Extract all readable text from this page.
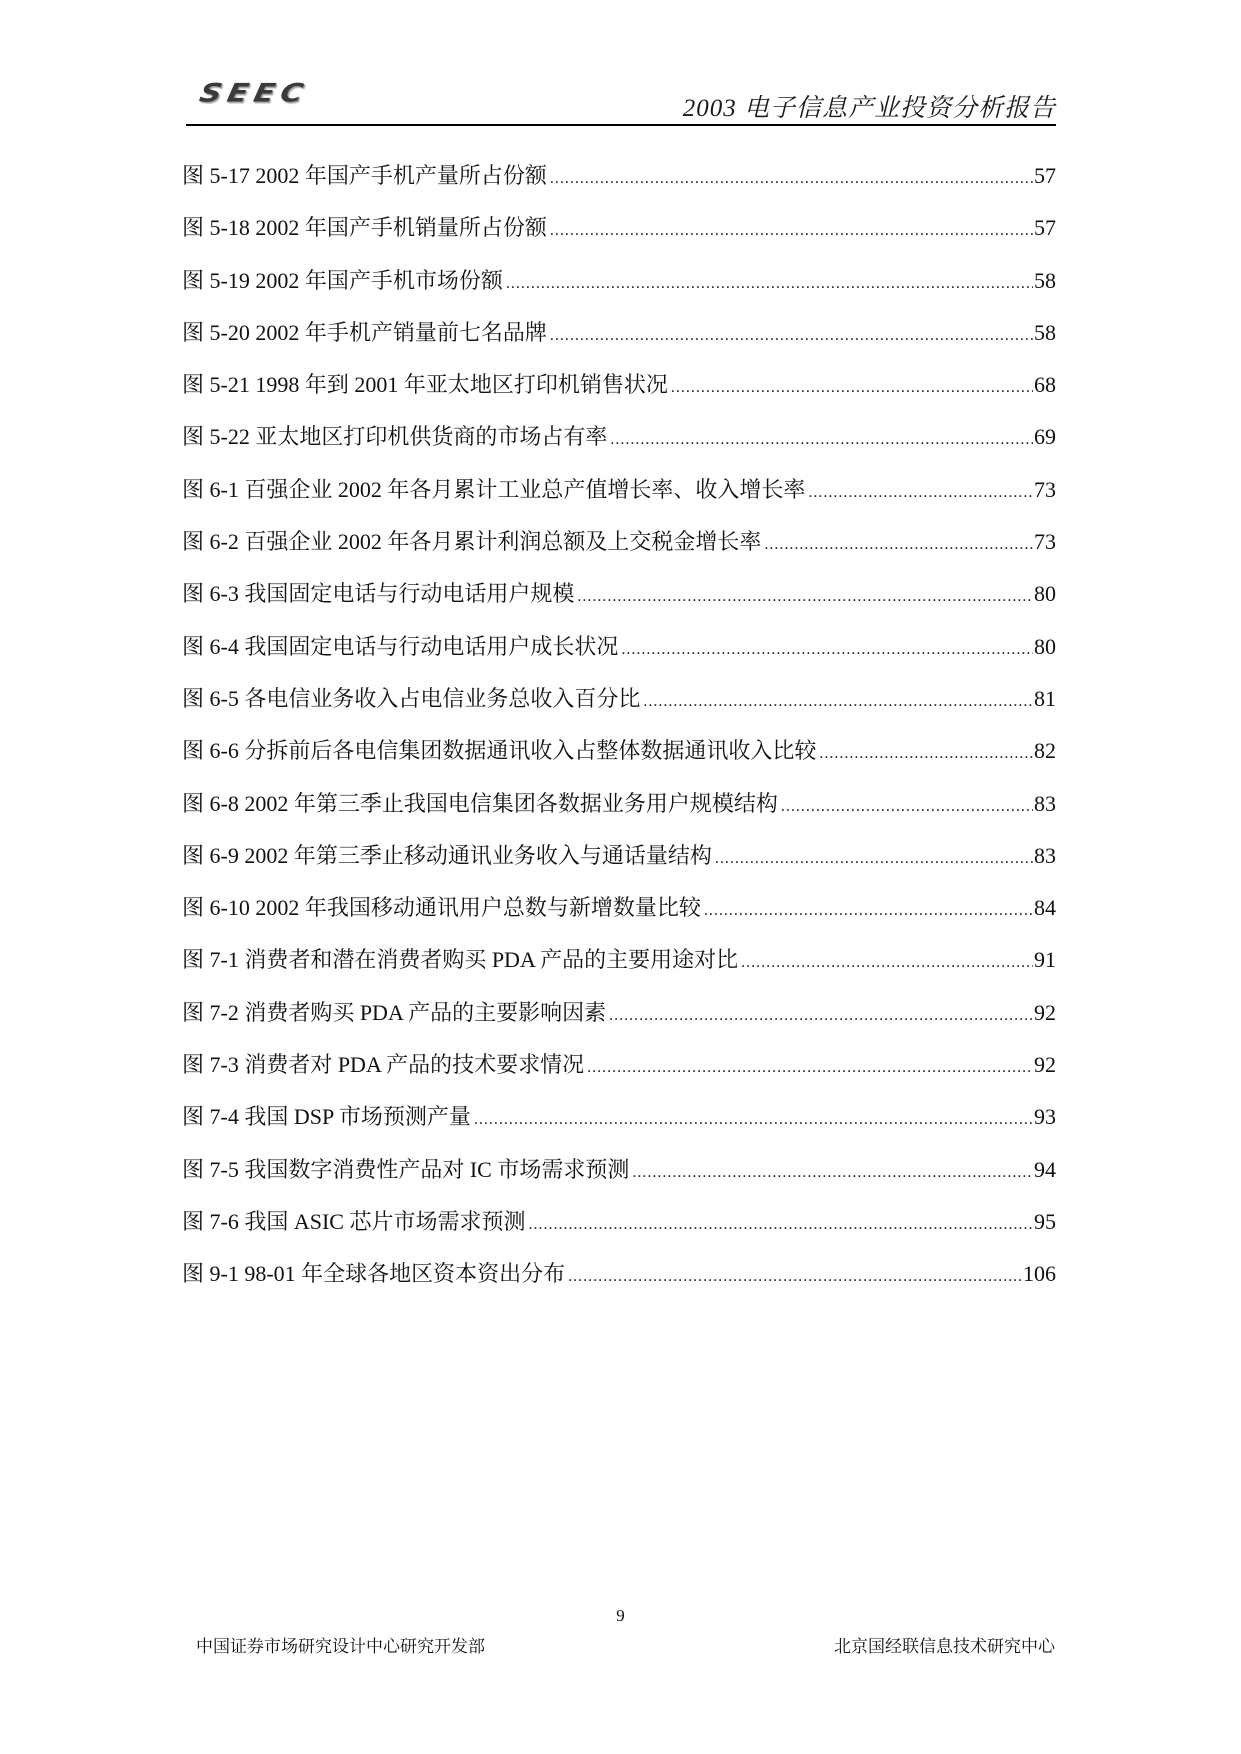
SEEC
2003 电子信息产业投资分析报告
图 5-17 2002 年国产手机产量所占份额 .....	57
图 5-18 2002 年国产手机销量所占份额 .....	57
图 5-19 2002 年国产手机市场份额 .....	58
图 5-20 2002 年手机产销量前七名品牌 .....	58
图 5-21 1998 年到 2001 年亚太地区打印机销售状况 .....	68
图 5-22 亚太地区打印机供货商的市场占有率 .....	69
图 6-1 百强企业 2002 年各月累计工业总产值增长率、收入增长率 .....	73
图 6-2 百强企业 2002 年各月累计利润总额及上交税金增长率 .....	73
图 6-3 我国固定电话与行动电话用户规模 .....	80
图 6-4 我国固定电话与行动电话用户成长状况 .....	80
图 6-5 各电信业务收入占电信业务总收入百分比 .....	81
图 6-6 分拆前后各电信集团数据通讯收入占整体数据通讯收入比较 .....	82
图 6-8 2002 年第三季止我国电信集团各数据业务用户规模结构 .....	83
图 6-9 2002 年第三季止移动通讯业务收入与通话量结构 .....	83
图 6-10 2002 年我国移动通讯用户总数与新增数量比较 .....	84
图 7-1 消费者和潜在消费者购买 PDA 产品的主要用途对比 .....	91
图 7-2 消费者购买 PDA 产品的主要影响因素 .....	92
图 7-3 消费者对 PDA 产品的技术要求情况 .....	92
图 7-4 我国 DSP 市场预测产量 .....	93
图 7-5 我国数字消费性产品对 IC 市场需求预测 .....	94
图 7-6 我国 ASIC 芯片市场需求预测 .....	95
图 9-1 98-01 年全球各地区资本资出分布 .....	106
9
中国证券市场研究设计中心研究开发部	北京国经联信息技术研究中心
